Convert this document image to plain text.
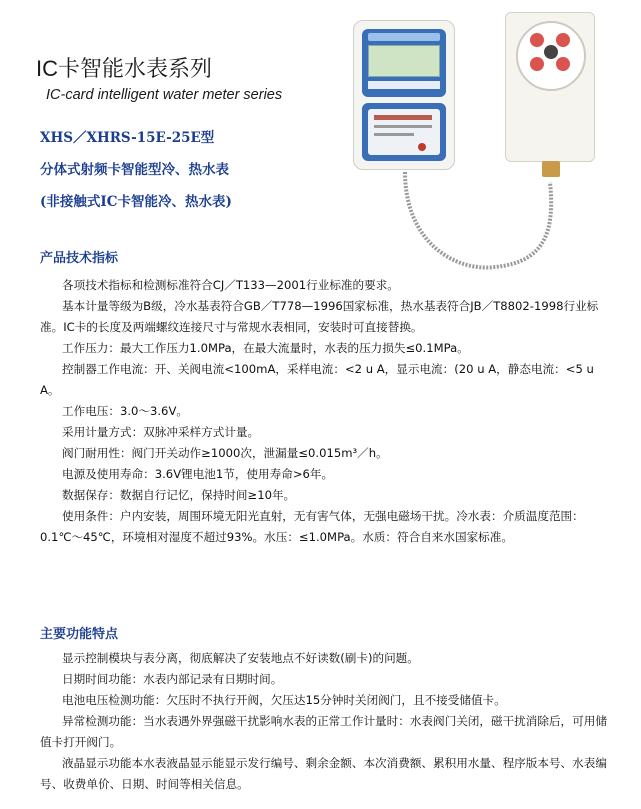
IC卡智能水表系列
IC-card intelligent water meter series
XHS／XHRS-15E-25E型
分体式射频卡智能型冷、热水表
(非接触式IC卡智能冷、热水表)
产品技术指标

各项技术指标和检测标准符合CJ／T133—2001行业标准的要求。

基本计量等级为B级，冷水基表符合GB／T778—1996国家标准，热水基表符合JB／T8802-1998行业标准。IC卡的长度及两端螺纹连接尺寸与常规水表相同，安装时可直接替换。

工作压力：最大工作压力1.0MPa，在最大流量时，水表的压力损失≤0.1MPa。

控制器工作电流：开、关阀电流<100mA，采样电流：<2 u A，显示电流：(20 u A，静态电流：<5 u A。

工作电压：3.0～3.6V。

采用计量方式：双脉冲采样方式计量。

阀门耐用性：阀门开关动作≥1000次，泄漏量≤0.015m³／h。

电源及使用寿命：3.6V锂电池1节，使用寿命>6年。

数据保存：数据自行记忆，保持时间≥10年。

使用条件：户内安装，周围环境无阳光直射，无有害气体，无强电磁场干扰。冷水表：介质温度范围：0.1℃～45℃，环境相对湿度不超过93%。水压：≤1.0MPa。水质：符合自来水国家标准。

主要功能特点

显示控制模块与表分离，彻底解决了安装地点不好读数(刷卡)的问题。

日期时间功能：水表内部记录有日期时间。

电池电压检测功能：欠压时不执行开阀，欠压达15分钟时关闭阀门，且不接受储值卡。

异常检测功能：当水表遇外界强磁干扰影响水表的正常工作计量时：水表阀门关闭，磁干扰消除后，可用储值卡打开阀门。

液晶显示功能本水表液晶显示能显示发行编号、剩余金额、本次消费额、累积用水量、程序版本号、水表编号、收费单价、日期、时间等相关信息。
